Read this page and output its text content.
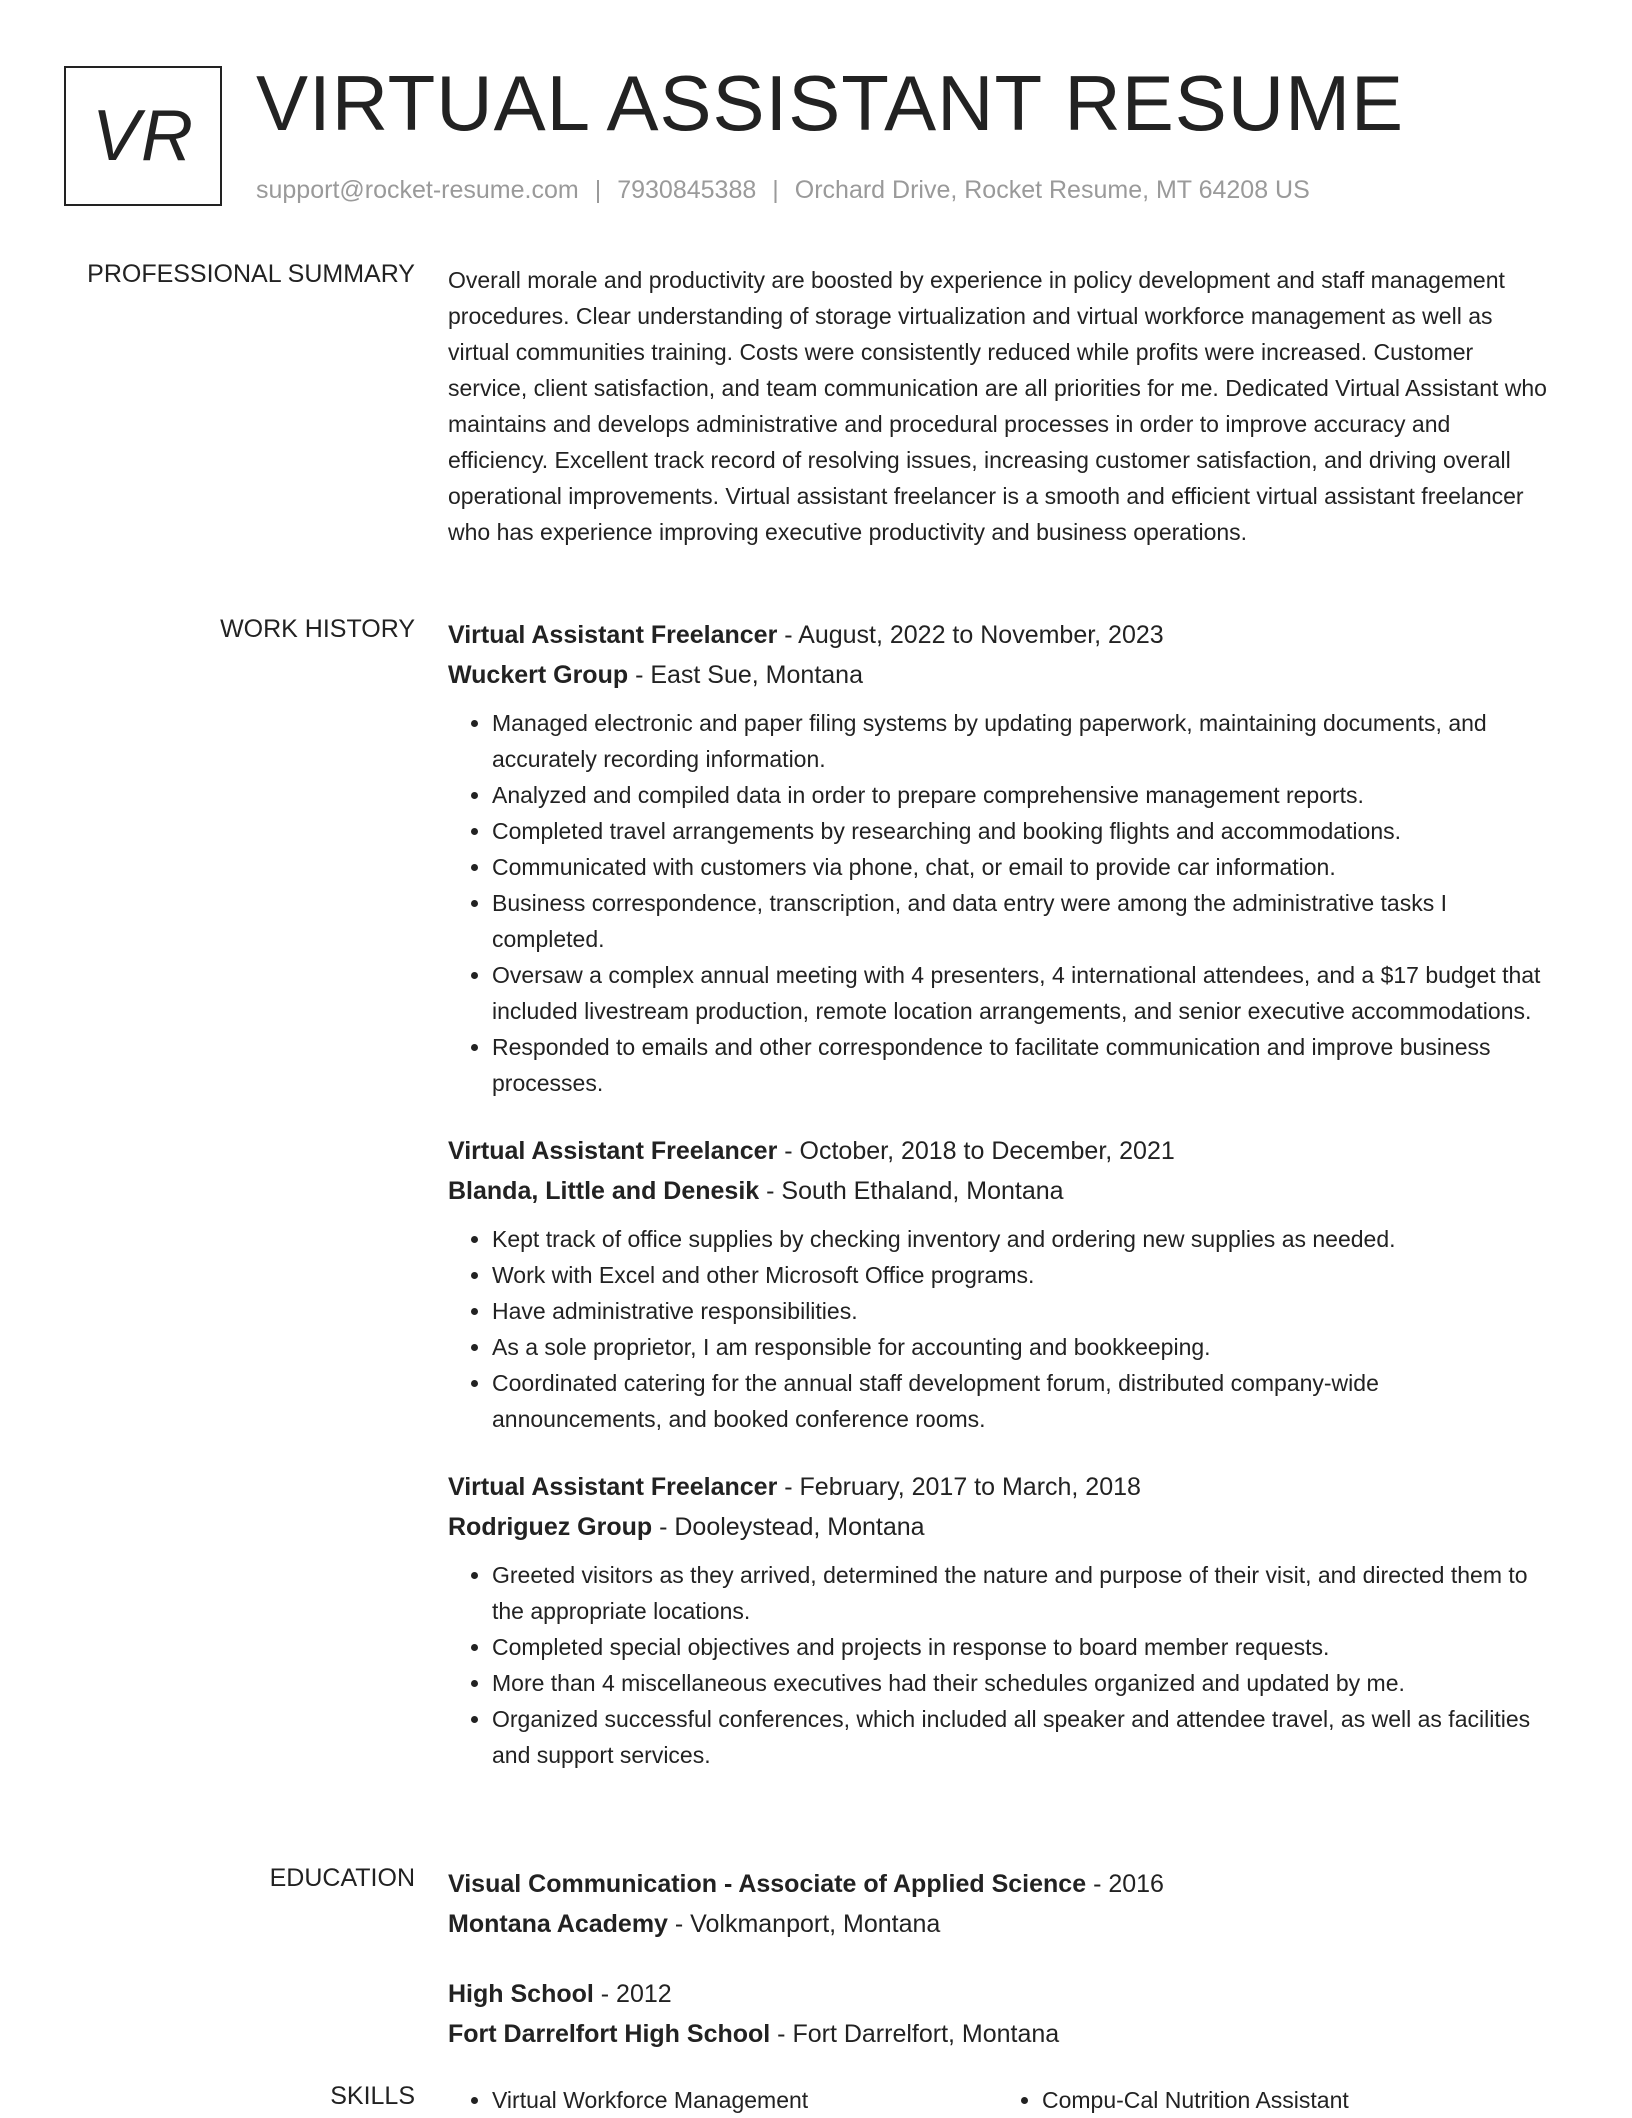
VR VIRTUAL ASSISTANT RESUME
support@rocket-resume.com | 7930845388 | Orchard Drive, Rocket Resume, MT 64208 US
PROFESSIONAL SUMMARY Overall morale and productivity are boosted by experience in policy development and staff management procedures. Clear understanding of storage virtualization and virtual workforce management as well as virtual communities training. Costs were consistently reduced while profits were increased. Customer service, client satisfaction, and team communication are all priorities for me. Dedicated Virtual Assistant who maintains and develops administrative and procedural processes in order to improve accuracy and efficiency. Excellent track record of resolving issues, increasing customer satisfaction, and driving overall operational improvements. Virtual assistant freelancer is a smooth and efficient virtual assistant freelancer who has experience improving executive productivity and business operations.

WORK HISTORY Virtual Assistant Freelancer - August, 2022 to November, 2023
Wuckert Group - East Sue, Montana
• Managed electronic and paper filing systems by updating paperwork, maintaining documents, and accurately recording information.
• Analyzed and compiled data in order to prepare comprehensive management reports.
• Completed travel arrangements by researching and booking flights and accommodations.
• Communicated with customers via phone, chat, or email to provide car information.
• Business correspondence, transcription, and data entry were among the administrative tasks I completed.
• Oversaw a complex annual meeting with 4 presenters, 4 international attendees, and a $17 budget that included livestream production, remote location arrangements, and senior executive accommodations.
• Responded to emails and other correspondence to facilitate communication and improve business processes.
Virtual Assistant Freelancer - October, 2018 to December, 2021
Blanda, Little and Denesik - South Ethaland, Montana
• Kept track of office supplies by checking inventory and ordering new supplies as needed.
• Work with Excel and other Microsoft Office programs.
• Have administrative responsibilities.
• As a sole proprietor, I am responsible for accounting and bookkeeping.
• Coordinated catering for the annual staff development forum, distributed company-wide announcements, and booked conference rooms.
Virtual Assistant Freelancer - February, 2017 to March, 2018
Rodriguez Group - Dooleystead, Montana
• Greeted visitors as they arrived, determined the nature and purpose of their visit, and directed them to the appropriate locations.
• Completed special objectives and projects in response to board member requests.
• More than 4 miscellaneous executives had their schedules organized and updated by me.
• Organized successful conferences, which included all speaker and attendee travel, as well as facilities and support services.
EDUCATION Visual Communication - Associate of Applied Science - 2016
Montana Academy - Volkmanport, Montana
High School - 2012
Fort Darrelfort High School - Fort Darrelfort, Montana
SKILLS	• Virtual Workforce Management	• Compu-Cal Nutrition Assistant
